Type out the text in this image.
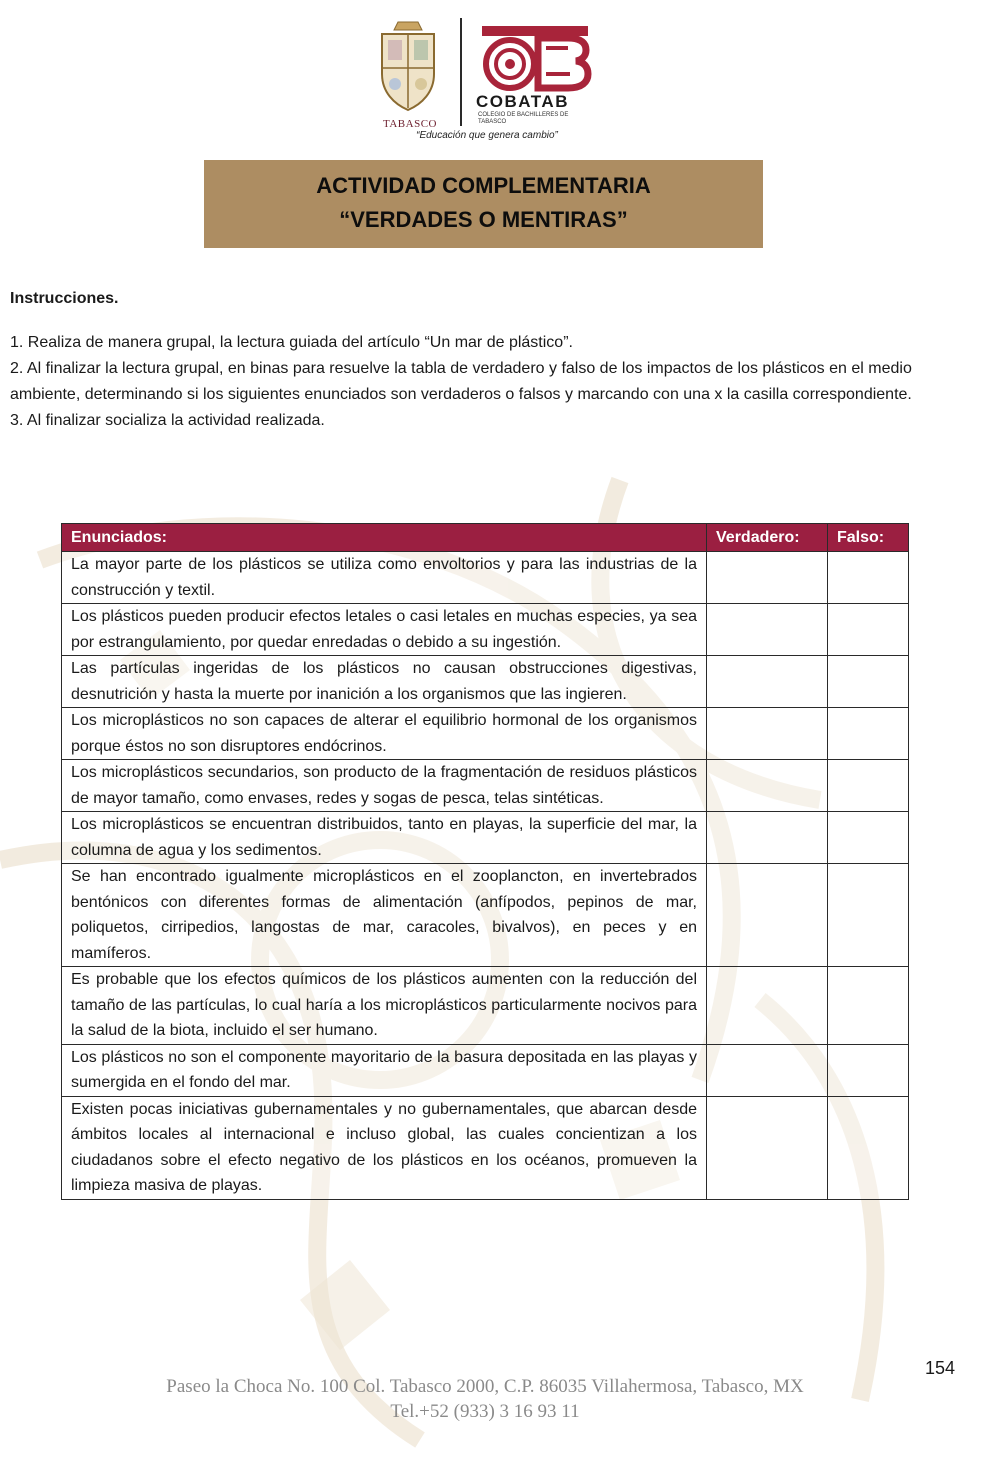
TABASCO
COBATAB
COLEGIO DE BACHILLERES DE TABASCO
“Educación que genera cambio”
ACTIVIDAD COMPLEMENTARIA
“VERDADES O MENTIRAS”
Instrucciones.

1. Realiza de manera grupal, la lectura guiada del artículo “Un mar de plástico”.

2. Al finalizar la lectura grupal, en binas para resuelve la tabla de verdadero y falso de los impactos de los plásticos en el medio ambiente, determinando si los siguientes enunciados son verdaderos o falsos y marcando con una x la casilla correspondiente.

3. Al finalizar socializa la actividad realizada.

Enunciados:	Verdadero:	Falso:
La mayor parte de los plásticos se utiliza como envoltorios y para las industrias de la construcción y textil.		
Los plásticos pueden producir efectos letales o casi letales en muchas especies, ya sea por estrangulamiento, por quedar enredadas o debido a su ingestión.		
Las partículas ingeridas de los plásticos no causan obstrucciones digestivas, desnutrición y hasta la muerte por inanición a los organismos que las ingieren.		
Los microplásticos no son capaces de alterar el equilibrio hormonal de los organismos porque éstos no son disruptores endócrinos.		
Los microplásticos secundarios, son producto de la fragmentación de residuos plásticos de mayor tamaño, como envases, redes y sogas de pesca, telas sintéticas.		
Los microplásticos se encuentran distribuidos, tanto en playas, la superficie del mar, la columna de agua y los sedimentos.		
Se han encontrado igualmente microplásticos en el zooplancton, en invertebrados bentónicos con diferentes formas de alimentación (anfípodos, pepinos de mar, poliquetos, cirripedios, langostas de mar, caracoles, bivalvos), en peces y en mamíferos.		
Es probable que los efectos químicos de los plásticos aumenten con la reducción del tamaño de las partículas, lo cual haría a los microplásticos particularmente nocivos para la salud de la biota, incluido el ser humano.		
Los plásticos no son el componente mayoritario de la basura depositada en las playas y sumergida en el fondo del mar.		
Existen pocas iniciativas gubernamentales y no gubernamentales, que abarcan desde ámbitos locales al internacional e incluso global, las cuales concientizan a los ciudadanos sobre el efecto negativo de los plásticos en los océanos, promueven la limpieza masiva de playas.		
154
Paseo la Choca No. 100 Col. Tabasco 2000, C.P. 86035 Villahermosa, Tabasco, MX
Tel.+52 (933) 3 16 93 11
